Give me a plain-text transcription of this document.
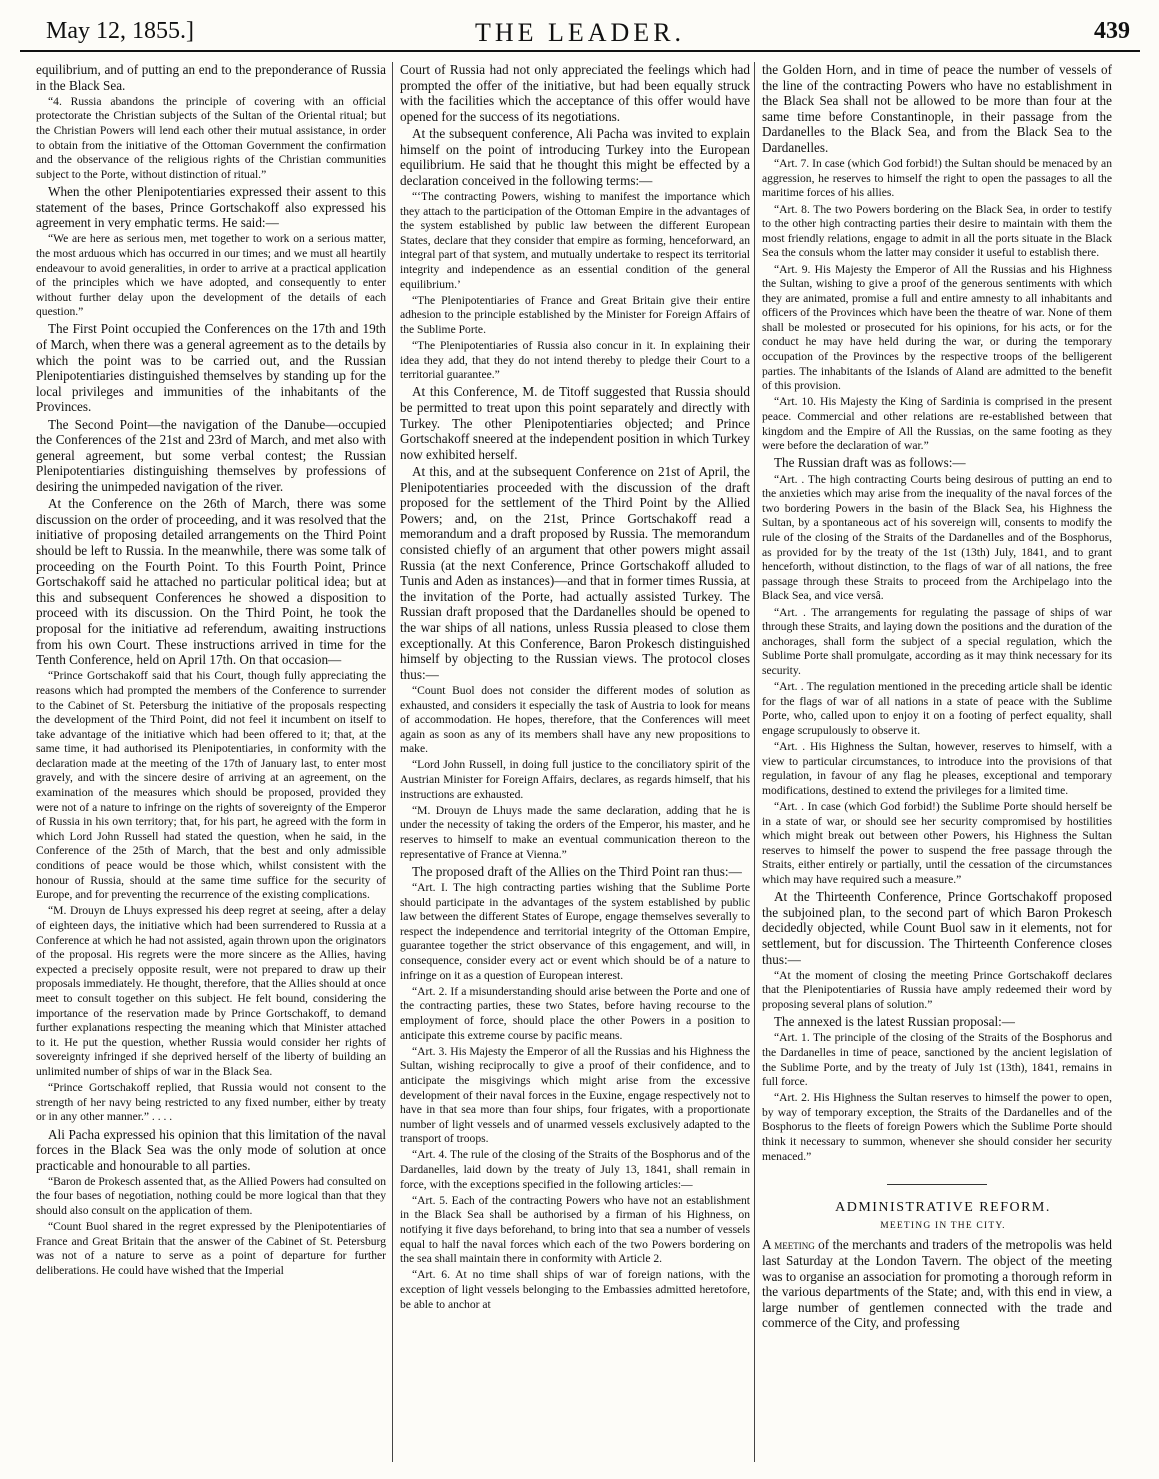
May 12, 1855.]	THE LEADER.	439

equilibrium, and of putting an end to the preponderance of Russia in the Black Sea.

“4. Russia abandons the principle of covering with an official protectorate the Christian subjects of the Sultan of the Oriental ritual; but the Christian Powers will lend each other their mutual assistance, in order to obtain from the initiative of the Ottoman Government the confirmation and the observance of the religious rights of the Christian communities subject to the Porte, without distinction of ritual.”

When the other Plenipotentiaries expressed their assent to this statement of the bases, Prince Gortschakoff also expressed his agreement in very emphatic terms. He said:—

“We are here as serious men, met together to work on a serious matter, the most arduous which has occurred in our times; and we must all heartily endeavour to avoid generalities, in order to arrive at a practical application of the principles which we have adopted, and consequently to enter without further delay upon the development of the details of each question.”

The First Point occupied the Conferences on the 17th and 19th of March, when there was a general agreement as to the details by which the point was to be carried out, and the Russian Plenipotentiaries distinguished themselves by standing up for the local privileges and immunities of the inhabitants of the Provinces.

The Second Point—the navigation of the Danube—occupied the Conferences of the 21st and 23rd of March, and met also with general agreement, but some verbal contest; the Russian Plenipotentiaries distinguishing themselves by professions of desiring the unimpeded navigation of the river.

At the Conference on the 26th of March, there was some discussion on the order of proceeding, and it was resolved that the initiative of proposing detailed arrangements on the Third Point should be left to Russia. In the meanwhile, there was some talk of proceeding on the Fourth Point. To this Fourth Point, Prince Gortschakoff said he attached no particular political idea; but at this and subsequent Conferences he showed a disposition to proceed with its discussion. On the Third Point, he took the proposal for the initiative ad referendum, awaiting instructions from his own Court. These instructions arrived in time for the Tenth Conference, held on April 17th. On that occasion—

“Prince Gortschakoff said that his Court, though fully appreciating the reasons which had prompted the members of the Conference to surrender to the Cabinet of St. Petersburg the initiative of the proposals respecting the development of the Third Point, did not feel it incumbent on itself to take advantage of the initiative which had been offered to it; that, at the same time, it had authorised its Plenipotentiaries, in conformity with the declaration made at the meeting of the 17th of January last, to enter most gravely, and with the sincere desire of arriving at an agreement, on the examination of the measures which should be proposed, provided they were not of a nature to infringe on the rights of sovereignty of the Emperor of Russia in his own territory; that, for his part, he agreed with the form in which Lord John Russell had stated the question, when he said, in the Conference of the 25th of March, that the best and only admissible conditions of peace would be those which, whilst consistent with the honour of Russia, should at the same time suffice for the security of Europe, and for preventing the recurrence of the existing complications.

“M. Drouyn de Lhuys expressed his deep regret at seeing, after a delay of eighteen days, the initiative which had been surrendered to Russia at a Conference at which he had not assisted, again thrown upon the originators of the proposal. His regrets were the more sincere as the Allies, having expected a precisely opposite result, were not prepared to draw up their proposals immediately. He thought, therefore, that the Allies should at once meet to consult together on this subject. He felt bound, considering the importance of the reservation made by Prince Gortschakoff, to demand further explanations respecting the meaning which that Minister attached to it. He put the question, whether Russia would consider her rights of sovereignty infringed if she deprived herself of the liberty of building an unlimited number of ships of war in the Black Sea.

“Prince Gortschakoff replied, that Russia would not consent to the strength of her navy being restricted to any fixed number, either by treaty or in any other manner.” . . . .

Ali Pacha expressed his opinion that this limitation of the naval forces in the Black Sea was the only mode of solution at once practicable and honourable to all parties.

“Baron de Prokesch assented that, as the Allied Powers had consulted on the four bases of negotiation, nothing could be more logical than that they should also consult on the application of them.

“Count Buol shared in the regret expressed by the Plenipotentiaries of France and Great Britain that the answer of the Cabinet of St. Petersburg was not of a nature to serve as a point of departure for further deliberations. He could have wished that the Imperial

Court of Russia had not only appreciated the feelings which had prompted the offer of the initiative, but had been equally struck with the facilities which the acceptance of this offer would have opened for the success of its negotiations.

At the subsequent conference, Ali Pacha was invited to explain himself on the point of introducing Turkey into the European equilibrium. He said that he thought this might be effected by a declaration conceived in the following terms:—

“‘The contracting Powers, wishing to manifest the importance which they attach to the participation of the Ottoman Empire in the advantages of the system established by public law between the different European States, declare that they consider that empire as forming, henceforward, an integral part of that system, and mutually undertake to respect its territorial integrity and independence as an essential condition of the general equilibrium.’

“The Plenipotentiaries of France and Great Britain give their entire adhesion to the principle established by the Minister for Foreign Affairs of the Sublime Porte.

“The Plenipotentiaries of Russia also concur in it. In explaining their idea they add, that they do not intend thereby to pledge their Court to a territorial guarantee.”

At this Conference, M. de Titoff suggested that Russia should be permitted to treat upon this point separately and directly with Turkey. The other Plenipotentiaries objected; and Prince Gortschakoff sneered at the independent position in which Turkey now exhibited herself.

At this, and at the subsequent Conference on 21st of April, the Plenipotentiaries proceeded with the discussion of the draft proposed for the settlement of the Third Point by the Allied Powers; and, on the 21st, Prince Gortschakoff read a memorandum and a draft proposed by Russia. The memorandum consisted chiefly of an argument that other powers might assail Russia (at the next Conference, Prince Gortschakoff alluded to Tunis and Aden as instances)—and that in former times Russia, at the invitation of the Porte, had actually assisted Turkey. The Russian draft proposed that the Dardanelles should be opened to the war ships of all nations, unless Russia pleased to close them exceptionally. At this Conference, Baron Prokesch distinguished himself by objecting to the Russian views. The protocol closes thus:—

“Count Buol does not consider the different modes of solution as exhausted, and considers it especially the task of Austria to look for means of accommodation. He hopes, therefore, that the Conferences will meet again as soon as any of its members shall have any new propositions to make.

“Lord John Russell, in doing full justice to the conciliatory spirit of the Austrian Minister for Foreign Affairs, declares, as regards himself, that his instructions are exhausted.

“M. Drouyn de Lhuys made the same declaration, adding that he is under the necessity of taking the orders of the Emperor, his master, and he reserves to himself to make an eventual communication thereon to the representative of France at Vienna.”

The proposed draft of the Allies on the Third Point ran thus:—

“Art. I. The high contracting parties wishing that the Sublime Porte should participate in the advantages of the system established by public law between the different States of Europe, engage themselves severally to respect the independence and territorial integrity of the Ottoman Empire, guarantee together the strict observance of this engagement, and will, in consequence, consider every act or event which should be of a nature to infringe on it as a question of European interest.

“Art. 2. If a misunderstanding should arise between the Porte and one of the contracting parties, these two States, before having recourse to the employment of force, should place the other Powers in a position to anticipate this extreme course by pacific means.

“Art. 3. His Majesty the Emperor of all the Russias and his Highness the Sultan, wishing reciprocally to give a proof of their confidence, and to anticipate the misgivings which might arise from the excessive development of their naval forces in the Euxine, engage respectively not to have in that sea more than four ships, four frigates, with a proportionate number of light vessels and of unarmed vessels exclusively adapted to the transport of troops.

“Art. 4. The rule of the closing of the Straits of the Bosphorus and of the Dardanelles, laid down by the treaty of July 13, 1841, shall remain in force, with the exceptions specified in the following articles:—

“Art. 5. Each of the contracting Powers who have not an establishment in the Black Sea shall be authorised by a firman of his Highness, on notifying it five days beforehand, to bring into that sea a number of vessels equal to half the naval forces which each of the two Powers bordering on the sea shall maintain there in conformity with Article 2.

“Art. 6. At no time shall ships of war of foreign nations, with the exception of light vessels belonging to the Embassies admitted heretofore, be able to anchor at

the Golden Horn, and in time of peace the number of vessels of the line of the contracting Powers who have no establishment in the Black Sea shall not be allowed to be more than four at the same time before Constantinople, in their passage from the Dardanelles to the Black Sea, and from the Black Sea to the Dardanelles.

“Art. 7. In case (which God forbid!) the Sultan should be menaced by an aggression, he reserves to himself the right to open the passages to all the maritime forces of his allies.

“Art. 8. The two Powers bordering on the Black Sea, in order to testify to the other high contracting parties their desire to maintain with them the most friendly relations, engage to admit in all the ports situate in the Black Sea the consuls whom the latter may consider it useful to establish there.

“Art. 9. His Majesty the Emperor of All the Russias and his Highness the Sultan, wishing to give a proof of the generous sentiments with which they are animated, promise a full and entire amnesty to all inhabitants and officers of the Provinces which have been the theatre of war. None of them shall be molested or prosecuted for his opinions, for his acts, or for the conduct he may have held during the war, or during the temporary occupation of the Provinces by the respective troops of the belligerent parties. The inhabitants of the Islands of Aland are admitted to the benefit of this provision.

“Art. 10. His Majesty the King of Sardinia is comprised in the present peace. Commercial and other relations are re-established between that kingdom and the Empire of All the Russias, on the same footing as they were before the declaration of war.”

The Russian draft was as follows:—

“Art. . The high contracting Courts being desirous of putting an end to the anxieties which may arise from the inequality of the naval forces of the two bordering Powers in the basin of the Black Sea, his Highness the Sultan, by a spontaneous act of his sovereign will, consents to modify the rule of the closing of the Straits of the Dardanelles and of the Bosphorus, as provided for by the treaty of the 1st (13th) July, 1841, and to grant henceforth, without distinction, to the flags of war of all nations, the free passage through these Straits to proceed from the Archipelago into the Black Sea, and vice versâ.

“Art. . The arrangements for regulating the passage of ships of war through these Straits, and laying down the positions and the duration of the anchorages, shall form the subject of a special regulation, which the Sublime Porte shall promulgate, according as it may think necessary for its security.

“Art. . The regulation mentioned in the preceding article shall be identic for the flags of war of all nations in a state of peace with the Sublime Porte, who, called upon to enjoy it on a footing of perfect equality, shall engage scrupulously to observe it.

“Art. . His Highness the Sultan, however, reserves to himself, with a view to particular circumstances, to introduce into the provisions of that regulation, in favour of any flag he pleases, exceptional and temporary modifications, destined to extend the privileges for a limited time.

“Art. . In case (which God forbid!) the Sublime Porte should herself be in a state of war, or should see her security compromised by hostilities which might break out between other Powers, his Highness the Sultan reserves to himself the power to suspend the free passage through the Straits, either entirely or partially, until the cessation of the circumstances which may have required such a measure.”

At the Thirteenth Conference, Prince Gortschakoff proposed the subjoined plan, to the second part of which Baron Prokesch decidedly objected, while Count Buol saw in it elements, not for settlement, but for discussion. The Thirteenth Conference closes thus:—

“At the moment of closing the meeting Prince Gortschakoff declares that the Plenipotentiaries of Russia have amply redeemed their word by proposing several plans of solution.”

The annexed is the latest Russian proposal:—

“Art. 1. The principle of the closing of the Straits of the Bosphorus and the Dardanelles in time of peace, sanctioned by the ancient legislation of the Sublime Porte, and by the treaty of July 1st (13th), 1841, remains in full force.

“Art. 2. His Highness the Sultan reserves to himself the power to open, by way of temporary exception, the Straits of the Dardanelles and of the Bosphorus to the fleets of foreign Powers which the Sublime Porte should think it necessary to summon, whenever she should consider her security menaced.”

ADMINISTRATIVE REFORM.

MEETING IN THE CITY.

A meeting of the merchants and traders of the metropolis was held last Saturday at the London Tavern. The object of the meeting was to organise an association for promoting a thorough reform in the various departments of the State; and, with this end in view, a large number of gentlemen connected with the trade and commerce of the City, and professing
